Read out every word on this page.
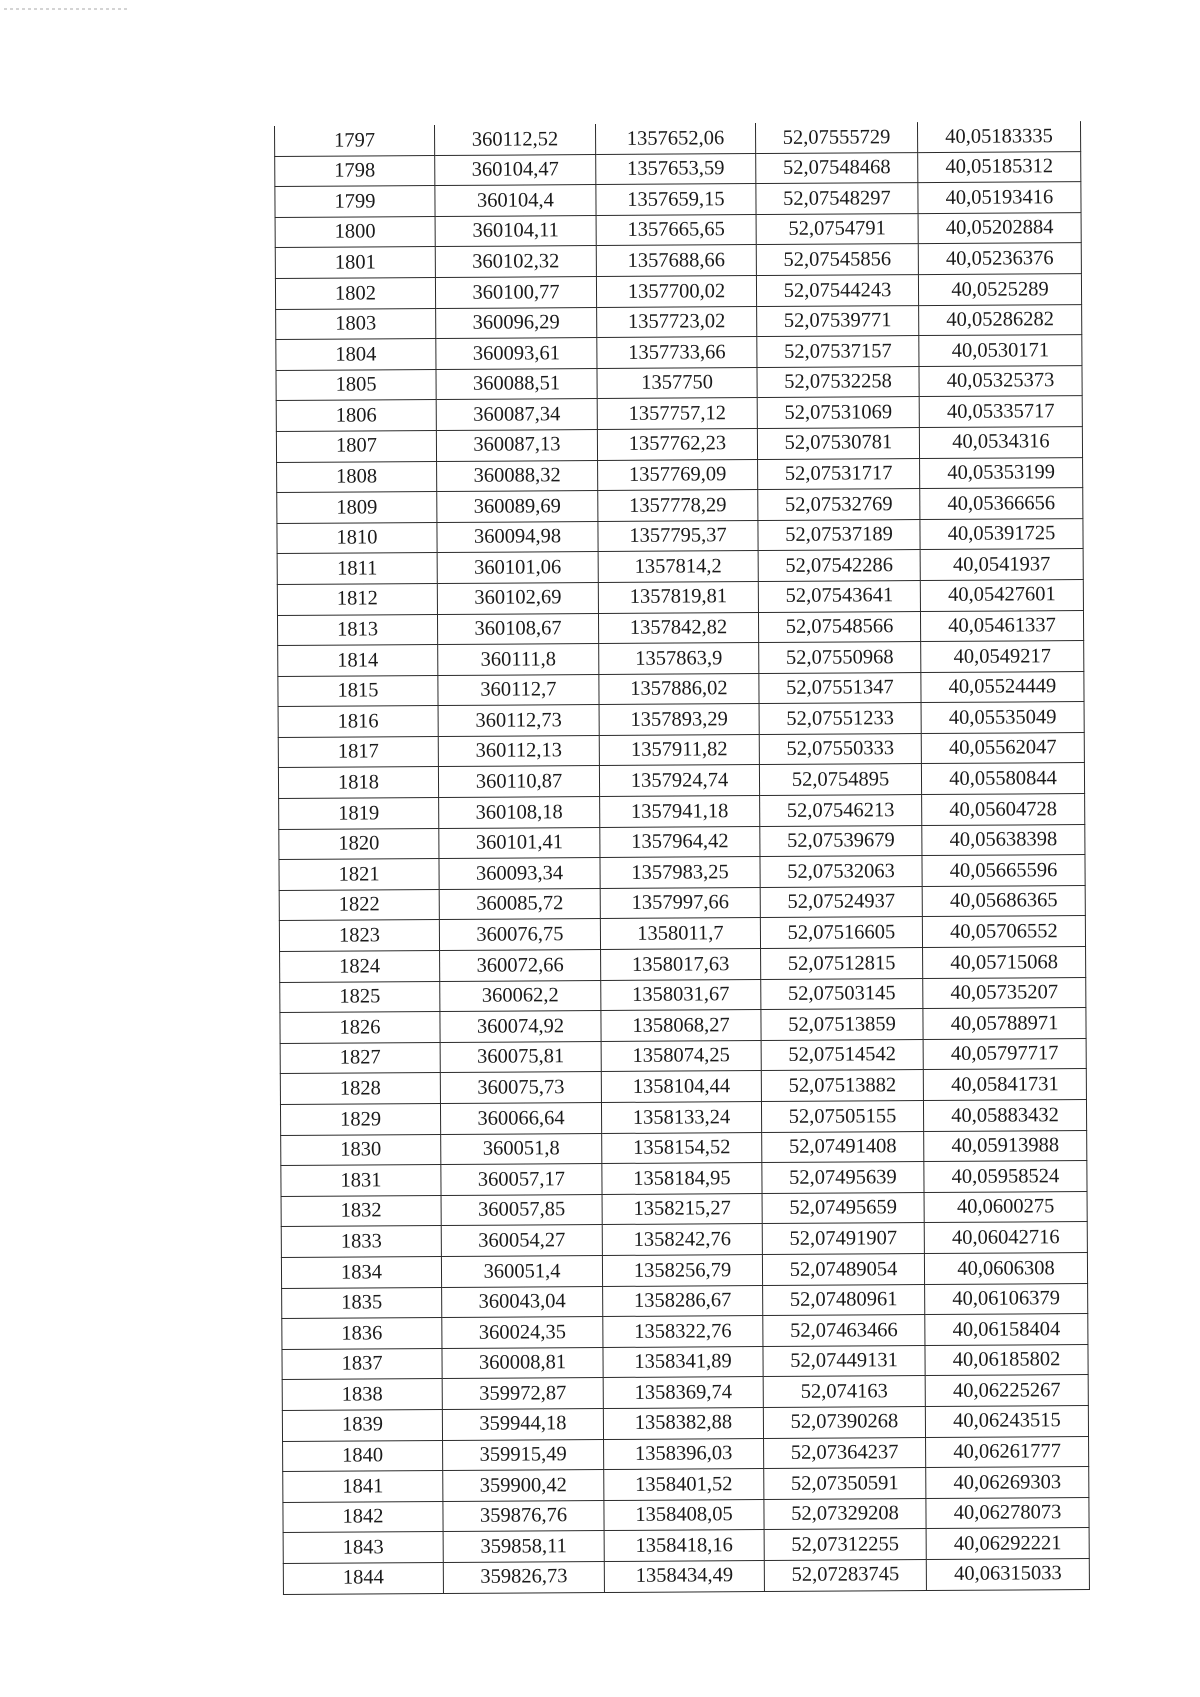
1797	360112,52	1357652,06	52,07555729	40,05183335
1798	360104,47	1357653,59	52,07548468	40,05185312
1799	360104,4	1357659,15	52,07548297	40,05193416
1800	360104,11	1357665,65	52,0754791	40,05202884
1801	360102,32	1357688,66	52,07545856	40,05236376
1802	360100,77	1357700,02	52,07544243	40,0525289
1803	360096,29	1357723,02	52,07539771	40,05286282
1804	360093,61	1357733,66	52,07537157	40,0530171
1805	360088,51	1357750	52,07532258	40,05325373
1806	360087,34	1357757,12	52,07531069	40,05335717
1807	360087,13	1357762,23	52,07530781	40,0534316
1808	360088,32	1357769,09	52,07531717	40,05353199
1809	360089,69	1357778,29	52,07532769	40,05366656
1810	360094,98	1357795,37	52,07537189	40,05391725
1811	360101,06	1357814,2	52,07542286	40,0541937
1812	360102,69	1357819,81	52,07543641	40,05427601
1813	360108,67	1357842,82	52,07548566	40,05461337
1814	360111,8	1357863,9	52,07550968	40,0549217
1815	360112,7	1357886,02	52,07551347	40,05524449
1816	360112,73	1357893,29	52,07551233	40,05535049
1817	360112,13	1357911,82	52,07550333	40,05562047
1818	360110,87	1357924,74	52,0754895	40,05580844
1819	360108,18	1357941,18	52,07546213	40,05604728
1820	360101,41	1357964,42	52,07539679	40,05638398
1821	360093,34	1357983,25	52,07532063	40,05665596
1822	360085,72	1357997,66	52,07524937	40,05686365
1823	360076,75	1358011,7	52,07516605	40,05706552
1824	360072,66	1358017,63	52,07512815	40,05715068
1825	360062,2	1358031,67	52,07503145	40,05735207
1826	360074,92	1358068,27	52,07513859	40,05788971
1827	360075,81	1358074,25	52,07514542	40,05797717
1828	360075,73	1358104,44	52,07513882	40,05841731
1829	360066,64	1358133,24	52,07505155	40,05883432
1830	360051,8	1358154,52	52,07491408	40,05913988
1831	360057,17	1358184,95	52,07495639	40,05958524
1832	360057,85	1358215,27	52,07495659	40,0600275
1833	360054,27	1358242,76	52,07491907	40,06042716
1834	360051,4	1358256,79	52,07489054	40,0606308
1835	360043,04	1358286,67	52,07480961	40,06106379
1836	360024,35	1358322,76	52,07463466	40,06158404
1837	360008,81	1358341,89	52,07449131	40,06185802
1838	359972,87	1358369,74	52,074163	40,06225267
1839	359944,18	1358382,88	52,07390268	40,06243515
1840	359915,49	1358396,03	52,07364237	40,06261777
1841	359900,42	1358401,52	52,07350591	40,06269303
1842	359876,76	1358408,05	52,07329208	40,06278073
1843	359858,11	1358418,16	52,07312255	40,06292221
1844	359826,73	1358434,49	52,07283745	40,06315033
